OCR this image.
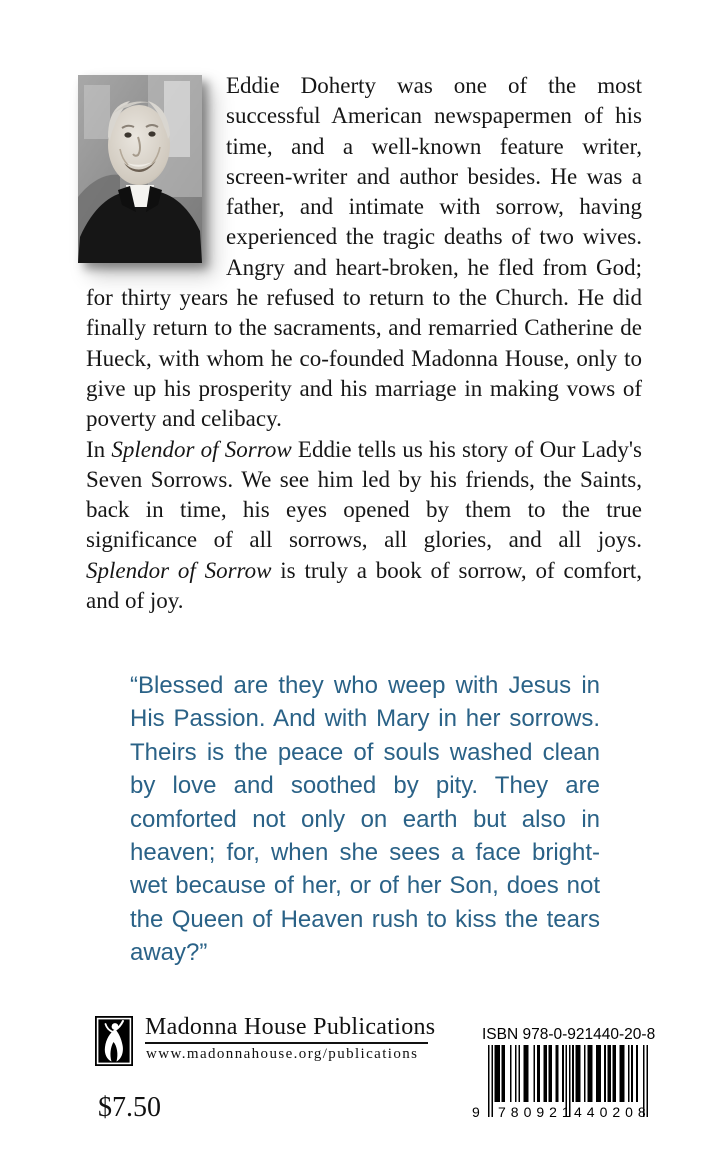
Eddie Doherty was one of the most successful American newspapermen of his time, and a well-known feature writer, screen-writer and author besides. He was a father, and intimate with sorrow, having experienced the tragic deaths of two wives. Angry and heart-broken, he fled from God; for thirty years he refused to return to the Church. He did finally return to the sacraments, and remarried Catherine de Hueck, with whom he co-founded Madonna House, only to give up his prosperity and his marriage in making vows of poverty and celibacy.

In Splendor of Sorrow Eddie tells us his story of Our Lady's Seven Sorrows. We see him led by his friends, the Saints, back in time, his eyes opened by them to the true significance of all sorrows, all glories, and all joys. Splendor of Sorrow is truly a book of sorrow, of comfort, and of joy.

“Blessed are they who weep with Jesus in His Passion. And with Mary in her sorrows. Theirs is the peace of souls washed clean by love and soothed by pity. They are comforted not only on earth but also in heaven; for, when she sees a face bright-wet because of her, or of her Son, does not the Queen of Heaven rush to kiss the tears away?”
Madonna House Publications
www.madonnahouse.org/publications
ISBN 978-0-921440-20-8
9 780921 440208
$7.50
